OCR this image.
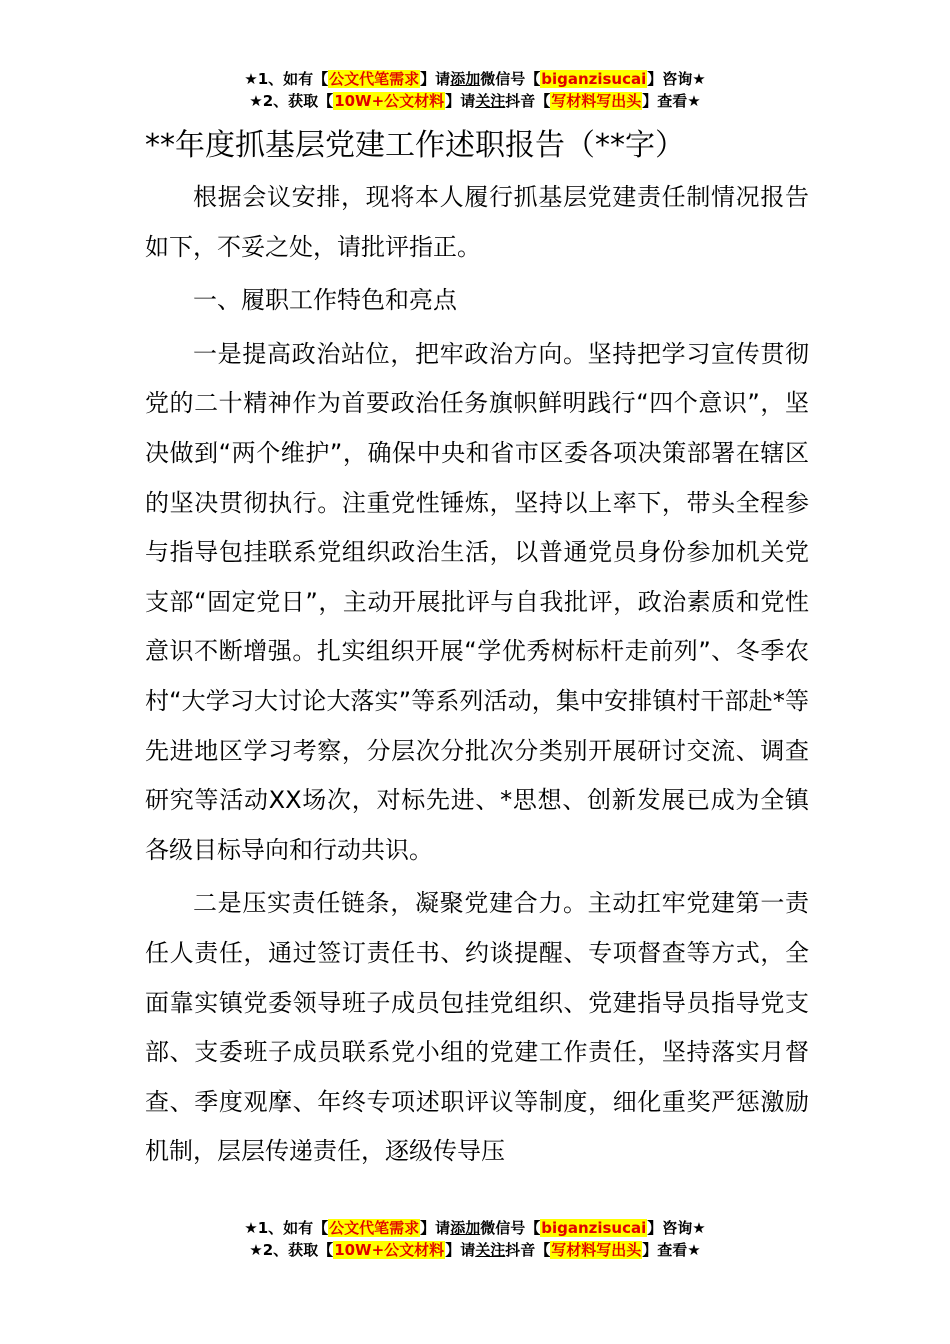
★1、如有【公文代笔需求】请添加微信号【biganzisucai】咨询★
★2、获取【10W+公文材料】请关注抖音【写材料写出头】查看★
**年度抓基层党建工作述职报告（**字）

根据会议安排，现将本人履行抓基层党建责任制情况报告如下，不妥之处，请批评指正。

一、履职工作特色和亮点

一是提高政治站位，把牢政治方向。坚持把学习宣传贯彻党的二十精神作为首要政治任务旗帜鲜明践行“四个意识”，坚决做到“两个维护”，确保中央和省市区委各项决策部署在辖区的坚决贯彻执行。注重党性锤炼，坚持以上率下，带头全程参与指导包挂联系党组织政治生活，以普通党员身份参加机关党支部“固定党日”，主动开展批评与自我批评，政治素质和党性意识不断增强。扎实组织开展“学优秀树标杆走前列”、冬季农村“大学习大讨论大落实”等系列活动，集中安排镇村干部赴*等先进地区学习考察，分层次分批次分类别开展研讨交流、调查研究等活动XX场次，对标先进、*思想、创新发展已成为全镇各级目标导向和行动共识。

二是压实责任链条，凝聚党建合力。主动扛牢党建第一责任人责任，通过签订责任书、约谈提醒、专项督查等方式，全面靠实镇党委领导班子成员包挂党组织、党建指导员指导党支部、支委班子成员联系党小组的党建工作责任，坚持落实月督查、季度观摩、年终专项述职评议等制度，细化重奖严惩激励机制，层层传递责任，逐级传导压

★1、如有【公文代笔需求】请添加微信号【biganzisucai】咨询★
★2、获取【10W+公文材料】请关注抖音【写材料写出头】查看★
